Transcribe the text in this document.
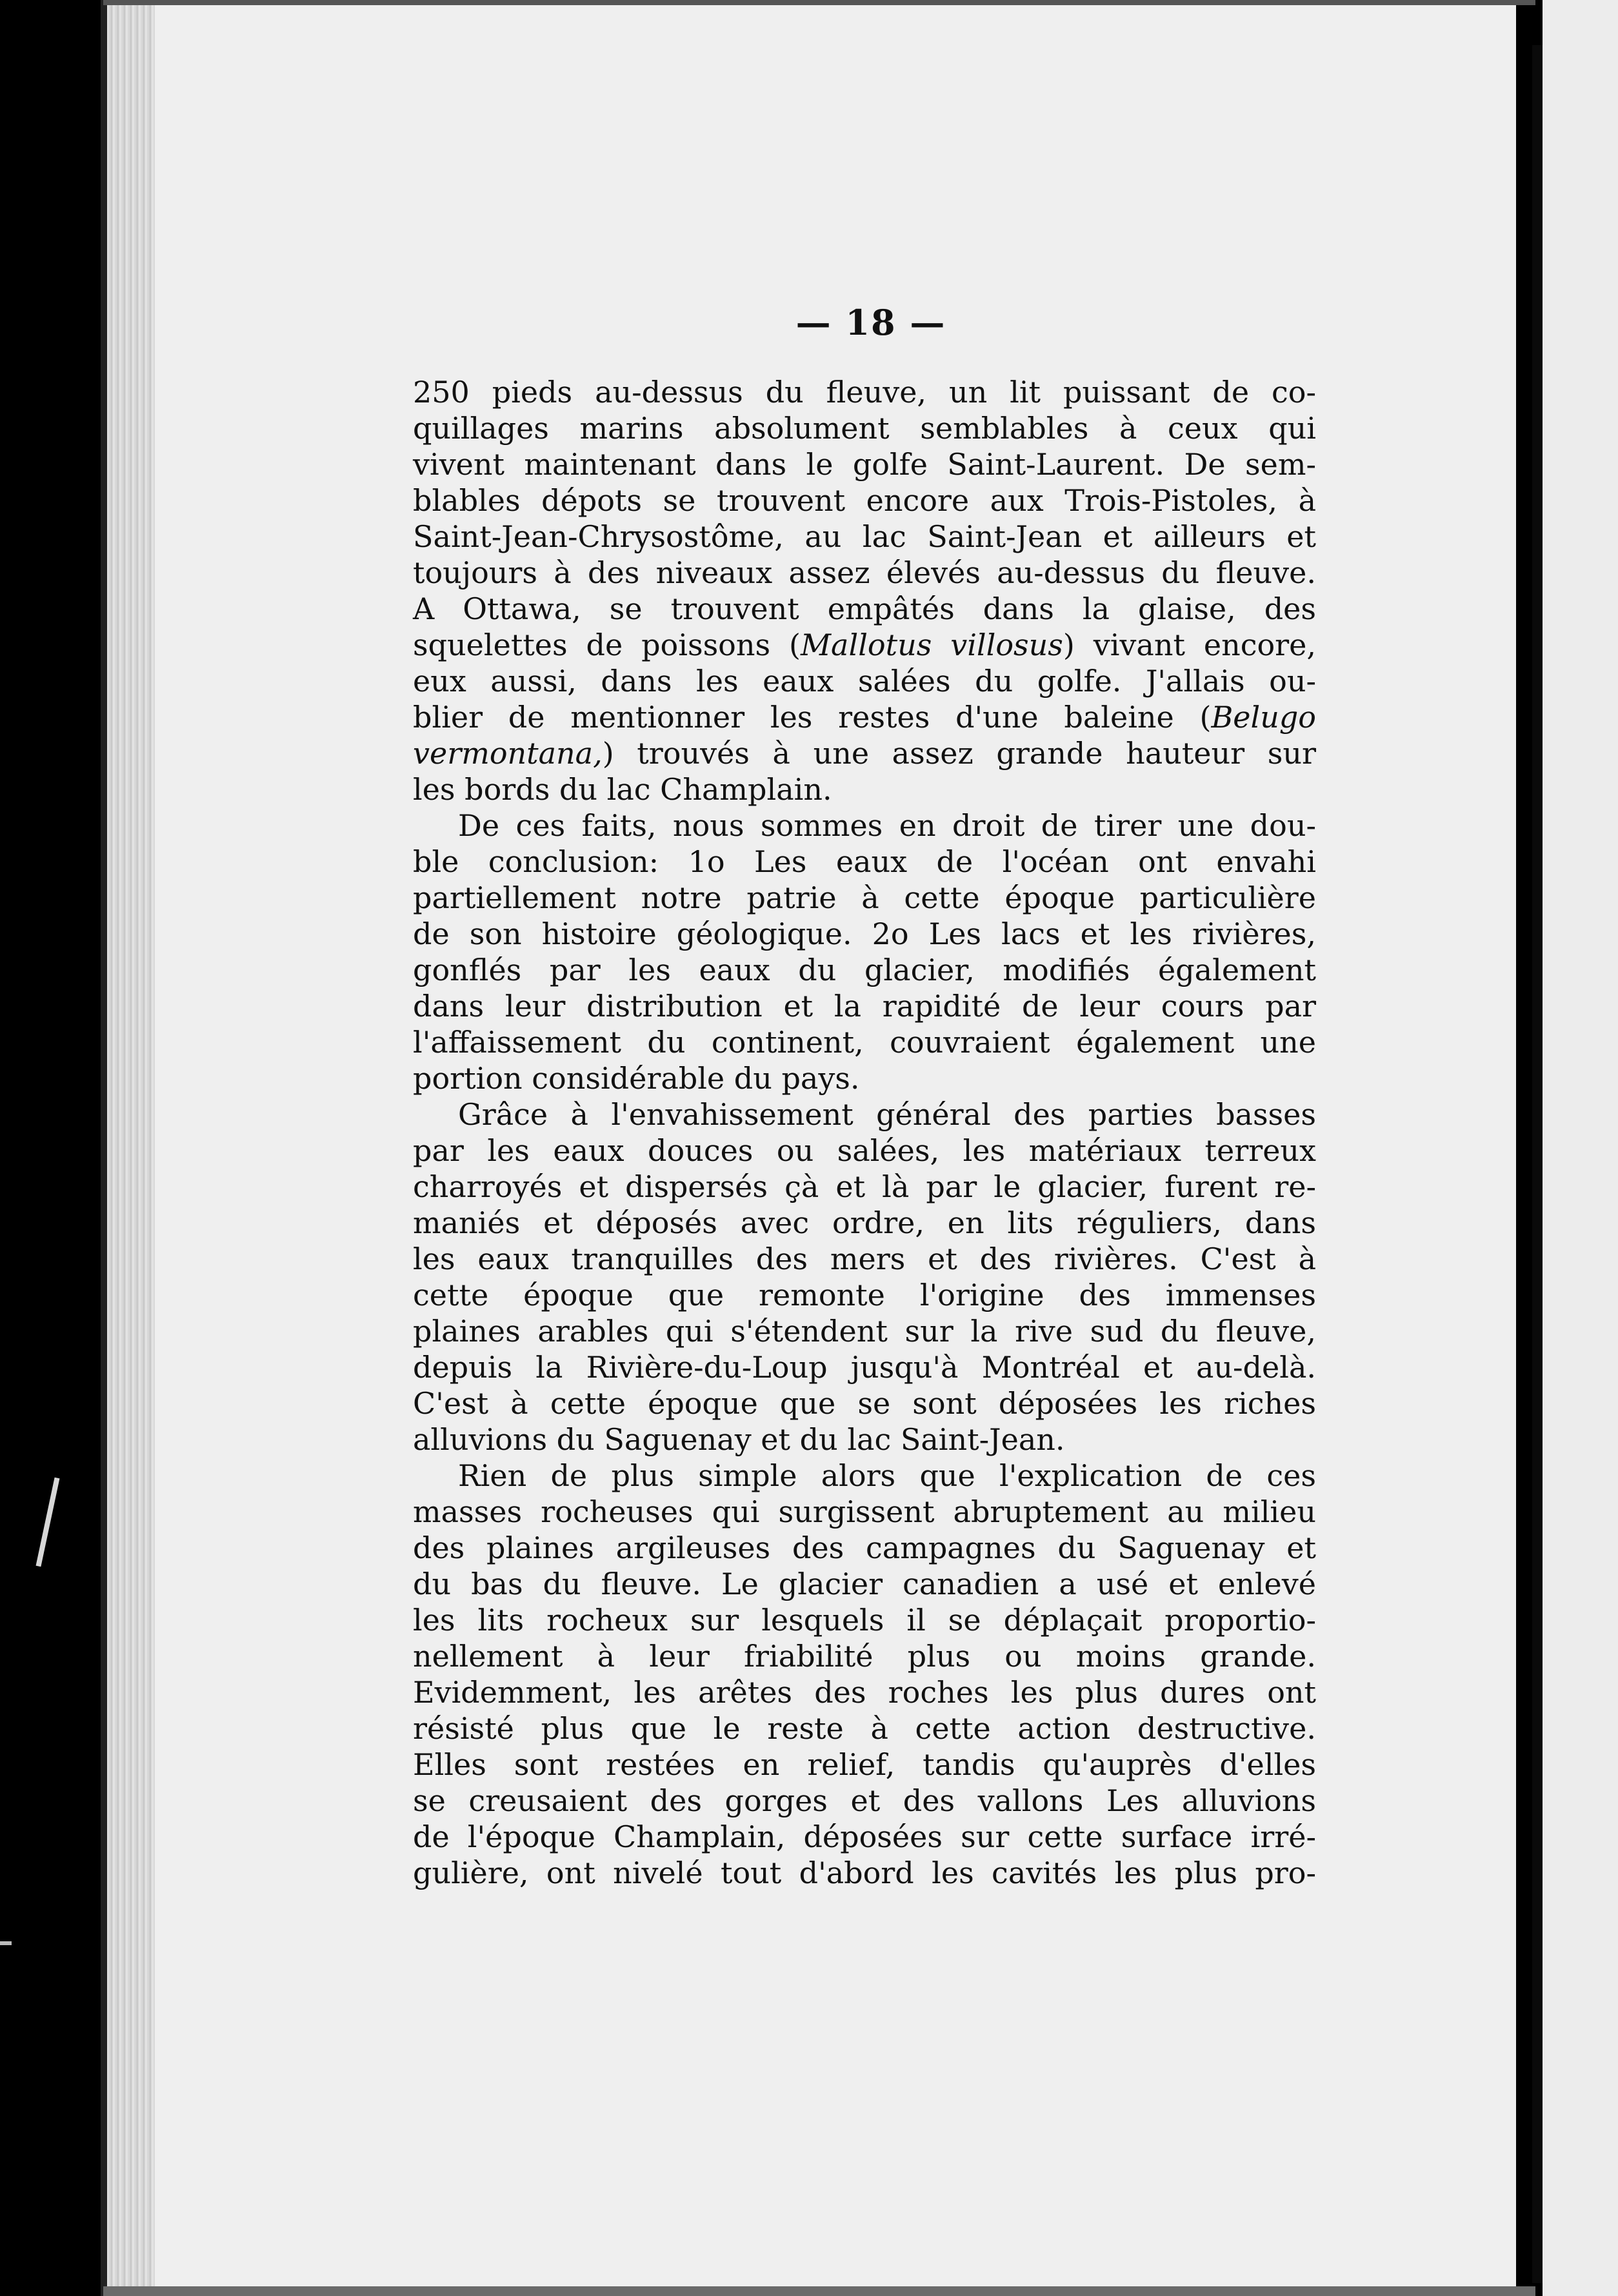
— 18 —
250 pieds au-dessus du fleuve, un lit puissant de co-
quillages marins absolument semblables à ceux qui
vivent maintenant dans le golfe Saint-Laurent. De sem-
blables dépots se trouvent encore aux Trois-Pistoles, à
Saint-Jean-Chrysostôme, au lac Saint-Jean et ailleurs et
toujours à des niveaux assez élevés au-dessus du fleuve.
A Ottawa, se trouvent empâtés dans la glaise, des
squelettes de poissons (Mallotus villosus) vivant encore,
eux aussi, dans les eaux salées du golfe. J'allais ou-
blier de mentionner les restes d'une baleine (Belugo
vermontana,) trouvés à une assez grande hauteur sur
les bords du lac Champlain.
De ces faits, nous sommes en droit de tirer une dou-
ble conclusion: 1o Les eaux de l'océan ont envahi
partiellement notre patrie à cette époque particulière
de son histoire géologique. 2o Les lacs et les rivières,
gonflés par les eaux du glacier, modifiés également
dans leur distribution et la rapidité de leur cours par
l'affaissement du continent, couvraient également une
portion considérable du pays.
Grâce à l'envahissement général des parties basses
par les eaux douces ou salées, les matériaux terreux
charroyés et dispersés çà et là par le glacier, furent re-
maniés et déposés avec ordre, en lits réguliers, dans
les eaux tranquilles des mers et des rivières. C'est à
cette époque que remonte l'origine des immenses
plaines arables qui s'étendent sur la rive sud du fleuve,
depuis la Rivière-du-Loup jusqu'à Montréal et au-delà.
C'est à cette époque que se sont déposées les riches
alluvions du Saguenay et du lac Saint-Jean.
Rien de plus simple alors que l'explication de ces
masses rocheuses qui surgissent abruptement au milieu
des plaines argileuses des campagnes du Saguenay et
du bas du fleuve. Le glacier canadien a usé et enlevé
les lits rocheux sur lesquels il se déplaçait proportio-
nellement à leur friabilité plus ou moins grande.
Evidemment, les arêtes des roches les plus dures ont
résisté plus que le reste à cette action destructive.
Elles sont restées en relief, tandis qu'auprès d'elles
se creusaient des gorges et des vallons Les alluvions
de l'époque Champlain, déposées sur cette surface irré-
gulière, ont nivelé tout d'abord les cavités les plus pro-
